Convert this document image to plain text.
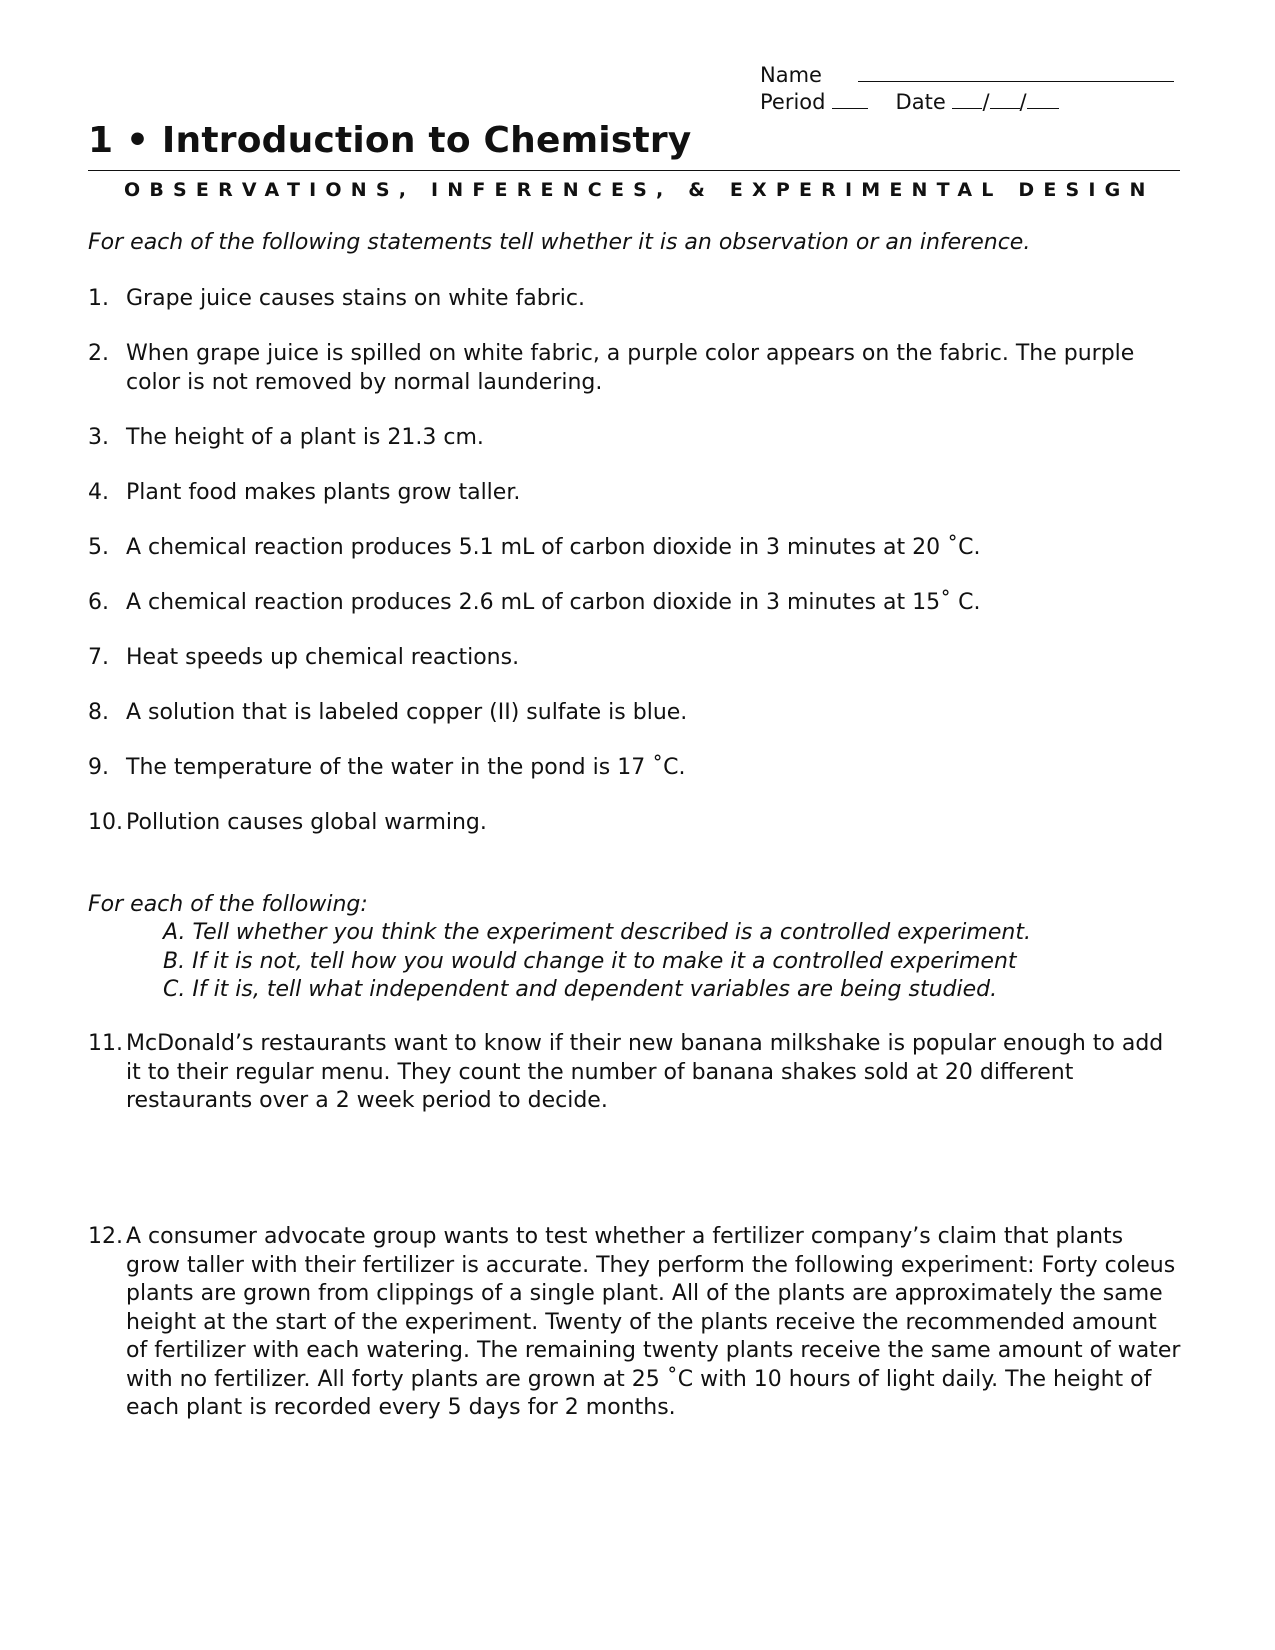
Name
Period	Date / /
1 • Introduction to Chemistry
OBSERVATIONS, INFERENCES, & EXPERIMENTAL DESIGN
For each of the following statements tell whether it is an observation or an inference.
1. Grape juice causes stains on white fabric.
2. When grape juice is spilled on white fabric, a purple color appears on the fabric. The purple color is not removed by normal laundering.
3. The height of a plant is 21.3 cm.
4. Plant food makes plants grow taller.
5. A chemical reaction produces 5.1 mL of carbon dioxide in 3 minutes at 20 ˚C.
6. A chemical reaction produces 2.6 mL of carbon dioxide in 3 minutes at 15˚ C.
7. Heat speeds up chemical reactions.
8. A solution that is labeled copper (II) sulfate is blue.
9. The temperature of the water in the pond is 17 ˚C.
10. Pollution causes global warming.
For each of the following:
A. Tell whether you think the experiment described is a controlled experiment.
B. If it is not, tell how you would change it to make it a controlled experiment
C. If it is, tell what independent and dependent variables are being studied.
11. McDonald’s restaurants want to know if their new banana milkshake is popular enough to add it to their regular menu. They count the number of banana shakes sold at 20 different restaurants over a 2 week period to decide.
12. A consumer advocate group wants to test whether a fertilizer company’s claim that plants grow taller with their fertilizer is accurate. They perform the following experiment: Forty coleus plants are grown from clippings of a single plant. All of the plants are approximately the same height at the start of the experiment. Twenty of the plants receive the recommended amount of fertilizer with each watering. The remaining twenty plants receive the same amount of water with no fertilizer. All forty plants are grown at 25 ˚C with 10 hours of light daily. The height of each plant is recorded every 5 days for 2 months.
